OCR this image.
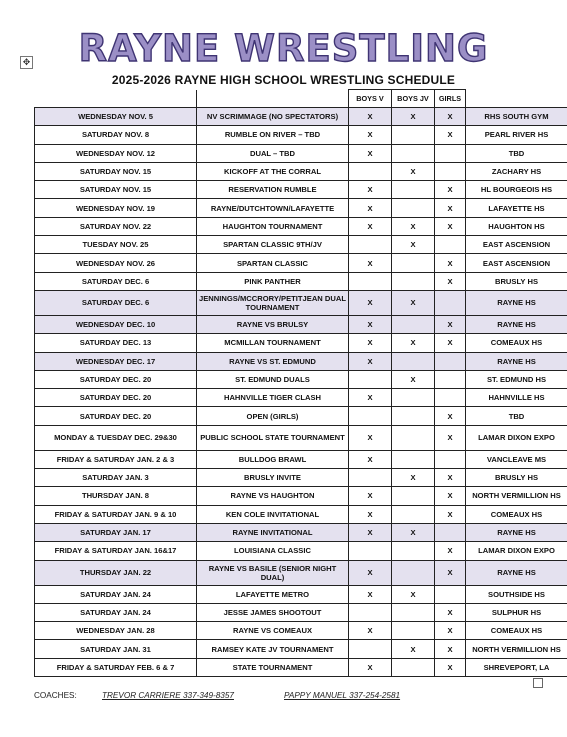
✥	RAYNE WRESTLING
2025-2026 RAYNE HIGH SCHOOL WRESTLING SCHEDULE
		BOYS V	BOYS JV	GIRLS	
WEDNESDAY NOV. 5	NV SCRIMMAGE (NO SPECTATORS)	X	X	X	RHS SOUTH GYM
SATURDAY NOV. 8	RUMBLE ON RIVER – TBD	X		X	PEARL RIVER HS
WEDNESDAY NOV. 12	DUAL – TBD	X			TBD
SATURDAY NOV. 15	KICKOFF AT THE CORRAL		X		ZACHARY HS
SATURDAY NOV. 15	RESERVATION RUMBLE	X		X	HL BOURGEOIS HS
WEDNESDAY NOV. 19	RAYNE/DUTCHTOWN/LAFAYETTE	X		X	LAFAYETTE HS
SATURDAY NOV. 22	HAUGHTON TOURNAMENT	X	X	X	HAUGHTON HS
TUESDAY NOV. 25	SPARTAN CLASSIC 9TH/JV		X		EAST ASCENSION
WEDNESDAY NOV. 26	SPARTAN CLASSIC	X		X	EAST ASCENSION
SATURDAY DEC. 6	PINK PANTHER			X	BRUSLY HS
SATURDAY DEC. 6	JENNINGS/MCCRORY/PETITJEAN DUAL TOURNAMENT	X	X		RAYNE HS
WEDNESDAY DEC. 10	RAYNE VS BRULSY	X		X	RAYNE HS
SATURDAY DEC. 13	MCMILLAN TOURNAMENT	X	X	X	COMEAUX HS
WEDNESDAY DEC. 17	RAYNE VS ST. EDMUND	X			RAYNE HS
SATURDAY DEC. 20	ST. EDMUND DUALS		X		ST. EDMUND HS
SATURDAY DEC. 20	HAHNVILLE TIGER CLASH	X			HAHNVILLE HS
SATURDAY DEC. 20	OPEN (GIRLS)			X	TBD
MONDAY & TUESDAY DEC. 29&30	PUBLIC SCHOOL STATE TOURNAMENT	X		X	LAMAR DIXON EXPO
FRIDAY & SATURDAY JAN. 2 & 3	BULLDOG BRAWL	X			VANCLEAVE MS
SATURDAY JAN. 3	BRUSLY INVITE		X	X	BRUSLY HS
THURSDAY JAN. 8	RAYNE VS HAUGHTON	X		X	NORTH VERMILLION HS
FRIDAY & SATURDAY JAN. 9 & 10	KEN COLE INVITATIONAL	X		X	COMEAUX HS
SATURDAY JAN. 17	RAYNE INVITATIONAL	X	X		RAYNE HS
FRIDAY & SATURDAY JAN. 16&17	LOUISIANA CLASSIC			X	LAMAR DIXON EXPO
THURSDAY JAN. 22	RAYNE VS BASILE (SENIOR NIGHT DUAL)	X		X	RAYNE HS
SATURDAY JAN. 24	LAFAYETTE METRO	X	X		SOUTHSIDE HS
SATURDAY JAN. 24	JESSE JAMES SHOOTOUT			X	SULPHUR HS
WEDNESDAY JAN. 28	RAYNE VS COMEAUX	X		X	COMEAUX HS
SATURDAY JAN. 31	RAMSEY KATE JV TOURNAMENT		X	X	NORTH VERMILLION HS
FRIDAY & SATURDAY FEB. 6 & 7	STATE TOURNAMENT	X		X	SHREVEPORT, LA
COACHES:	TREVOR CARRIERE 337-349-8357	PAPPY MANUEL 337-254-2581
